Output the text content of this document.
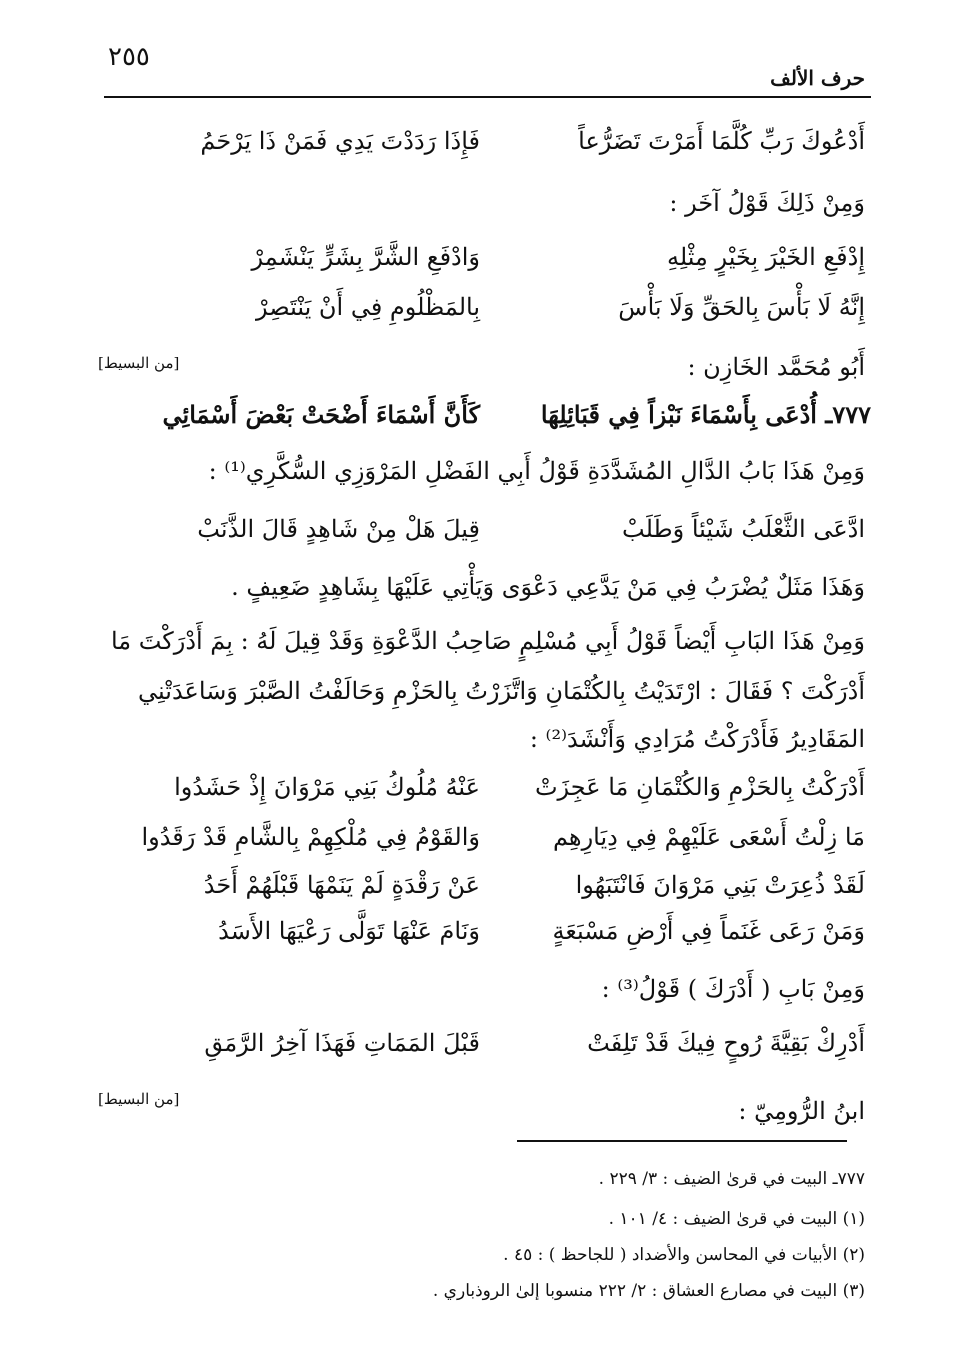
٢٥٥
حرف الألف
أَدْعُوكَ رَبِّ كُلَّمَا أَمَرْتَ تَضَرُّعاً
فَإِذَا رَدَدْتَ يَدِي فَمَنْ ذَا يَرْحَمُ
وَمِنْ ذَلِكَ قَوْلُ آخَر :
إِدْفَعِ الخَيْرَ بِخَيْرٍ مِثْلِهِ
وَادْفَعِ الشَّرَّ بِشَرٍّ يَنْشَمِرْ
إِنَّهُ لَا بَأْسَ بِالحَقِّ وَلَا بَأْسَ
بِالمَظْلُومِ فِي أَنْ يَنْتَصِرْ
أَبُو مُحَمَّد الخَازِن :
[من البسيط]
٧٧٧ـ أُدْعَى بِأَسْمَاءَ نَبْزاً فِي قَبَائِلِهَا
كَأَنَّ أَسْمَاءَ أَضْحَتْ بَعْضَ أَسْمَائِي
وَمِنْ هَذَا بَابُ الدَّالِ المُشَدَّدَةِ قَوْلُ أَبِي الفَضْلِ المَرْوَزِي السُّكَّرِي⁽¹⁾ :
ادَّعَى الثَّعْلَبُ شَيْئاً وَطَلَبْ
قِيلَ هَلْ مِنْ شَاهِدٍ قَالَ الذَّنَبْ
وَهَذَا مَثَلٌ يُضْرَبُ فِي مَنْ يَدَّعِي دَعْوَى وَيَأْتِي عَلَيْهَا بِشَاهِدٍ ضَعِيفٍ .
وَمِنْ هَذَا البَابِ أَيْضاً قَوْلُ أَبِي مُسْلِمٍ صَاحِبُ الدَّعْوَةِ وَقَدْ قِيلَ لَهُ : بِمَ أَدْرَكْتَ مَا
أَدْرَكْتَ ؟ فَقَالَ : ارْتَدَيْتُ بِالكُتْمَانِ وَاتَّزَرْتُ بِالحَزْمِ وَحَالَفْتُ الصَّبْرَ وَسَاعَدَتْنِي
المَقَادِيرُ فَأَدْرَكْتُ مُرَادِي وَأَنْشَدَ⁽²⁾ :
أَدْرَكْتُ بِالحَزْمِ وَالكُتْمَانِ مَا عَجِزَتْ
عَنْهُ مُلُوكُ بَنِي مَرْوَانَ إِذْ حَشَدُوا
مَا زِلْتُ أَسْعَى عَلَيْهِمْ فِي دِيَارِهِم
وَالقَوْمُ فِي مُلْكِهِمْ بِالشَّامِ قَدْ رَقَدُوا
لَقَدْ ذُعِرَتْ بَنِي مَرْوَانَ فَانْتَبَهُوا
عَنْ رَقْدَةٍ لَمْ يَنَمْهَا قَبْلَهُمْ أَحَدُ
وَمَنْ رَعَى غَنَماً فِي أَرْضِ مَسْبَعَةٍ
وَنَامَ عَنْهَا تَوَلَّى رَعْيَهَا الأَسَدُ
وَمِنْ بَابِ ( أَدْرَكَ ) قَوْلُ⁽³⁾ :
أَدْرِكْ بَقِيَّةَ رُوحٍ فِيكَ قَدْ تَلِفَتْ
قَبْلَ المَمَاتِ فَهَذَا آخِرُ الرَّمَقِ
ابنُ الرُّومِيّ :
[من البسيط]
٧٧٧ـ البيت في قرىٰ الضيف : ٣/ ٢٢٩ .
(١) البيت في قرىٰ الضيف : ٤/ ١٠١ .
(٢) الأبيات في المحاسن والأضداد ( للجاحظ ) : ٤٥ .
(٣) البيت في مصارع العشاق : ٢/ ٢٢٢ منسوبا إلىٰ الروذباري .
